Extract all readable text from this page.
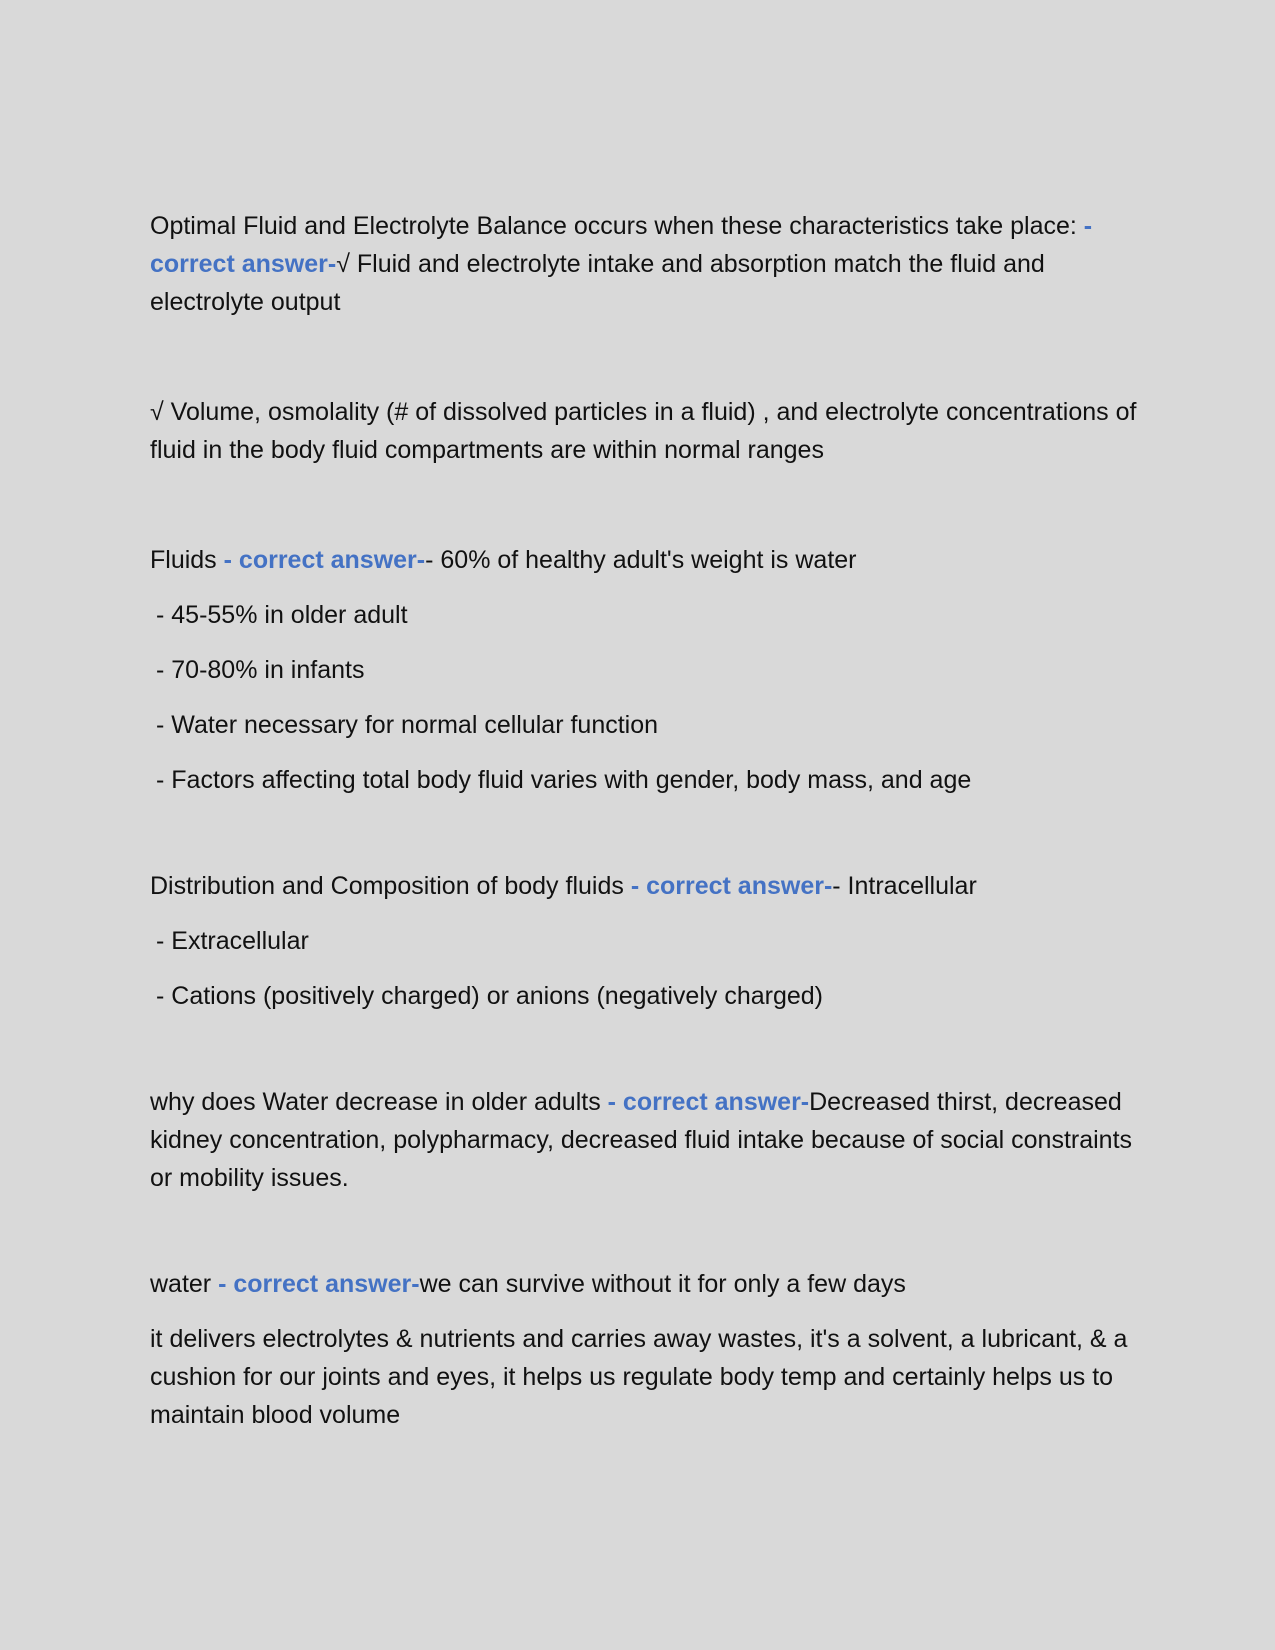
Optimal Fluid and Electrolyte Balance occurs when these characteristics take place: - correct answer-√ Fluid and electrolyte intake and absorption match the fluid and electrolyte output

√ Volume, osmolality (# of dissolved particles in a fluid) , and electrolyte concentrations of fluid in the body fluid compartments are within normal ranges

Fluids - correct answer-- 60% of healthy adult's weight is water

- 45-55% in older adult

- 70-80% in infants

- Water necessary for normal cellular function

- Factors affecting total body fluid varies with gender, body mass, and age

Distribution and Composition of body fluids - correct answer-- Intracellular

- Extracellular

- Cations (positively charged) or anions (negatively charged)

why does Water decrease in older adults - correct answer-Decreased thirst, decreased kidney concentration, polypharmacy, decreased fluid intake because of social constraints or mobility issues.

water - correct answer-we can survive without it for only a few days

it delivers electrolytes & nutrients and carries away wastes, it's a solvent, a lubricant, & a cushion for our joints and eyes, it helps us regulate body temp and certainly helps us to maintain blood volume
